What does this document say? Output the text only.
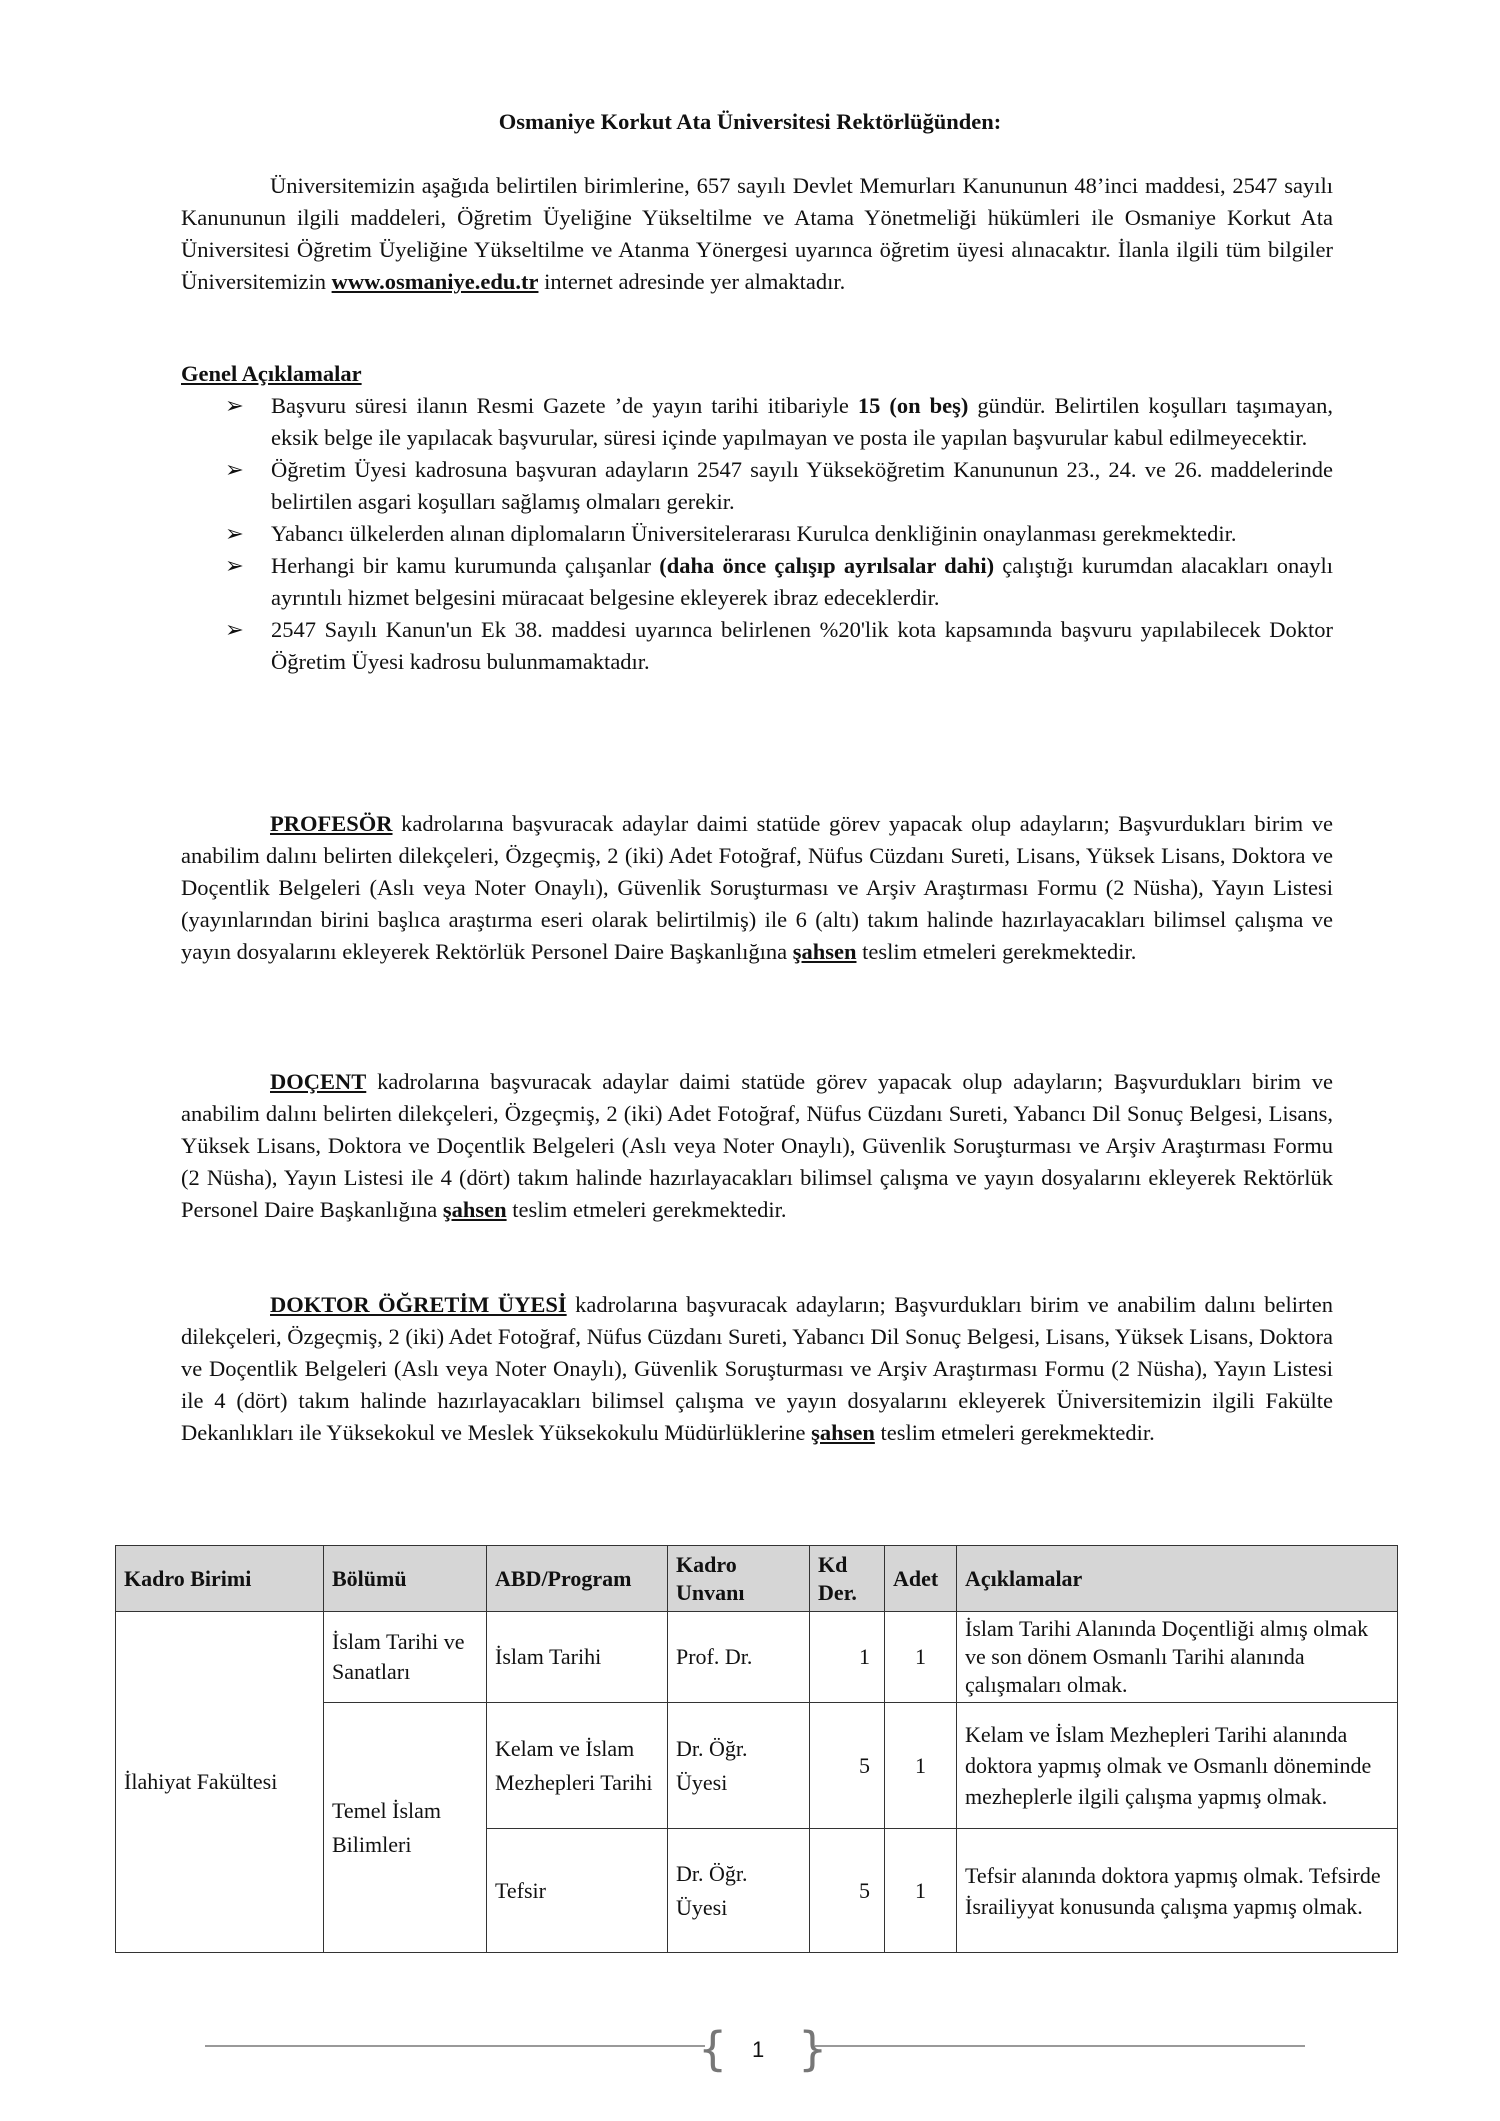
Osmaniye Korkut Ata Üniversitesi Rektörlüğünden:

Üniversitemizin aşağıda belirtilen birimlerine, 657 sayılı Devlet Memurları Kanununun 48’inci maddesi, 2547 sayılı Kanununun ilgili maddeleri, Öğretim Üyeliğine Yükseltilme ve Atama Yönetmeliği hükümleri ile Osmaniye Korkut Ata Üniversitesi Öğretim Üyeliğine Yükseltilme ve Atanma Yönergesi uyarınca öğretim üyesi alınacaktır. İlanla ilgili tüm bilgiler Üniversitemizin www.osmaniye.edu.tr internet adresinde yer almaktadır.

Genel Açıklamalar
➢ Başvuru süresi ilanın Resmi Gazete ’de yayın tarihi itibariyle 15 (on beş) gündür. Belirtilen koşulları taşımayan, eksik belge ile yapılacak başvurular, süresi içinde yapılmayan ve posta ile yapılan başvurular kabul edilmeyecektir.
➢ Öğretim Üyesi kadrosuna başvuran adayların 2547 sayılı Yükseköğretim Kanununun 23., 24. ve 26. maddelerinde belirtilen asgari koşulları sağlamış olmaları gerekir.
➢ Yabancı ülkelerden alınan diplomaların Üniversitelerarası Kurulca denkliğinin onaylanması gerekmektedir.
➢ Herhangi bir kamu kurumunda çalışanlar (daha önce çalışıp ayrılsalar dahi) çalıştığı kurumdan alacakları onaylı ayrıntılı hizmet belgesini müracaat belgesine ekleyerek ibraz edeceklerdir.
➢ 2547 Sayılı Kanun'un Ek 38. maddesi uyarınca belirlenen %20'lik kota kapsamında başvuru yapılabilecek Doktor Öğretim Üyesi kadrosu bulunmamaktadır.

PROFESÖR kadrolarına başvuracak adaylar daimi statüde görev yapacak olup adayların; Başvurdukları birim ve anabilim dalını belirten dilekçeleri, Özgeçmiş, 2 (iki) Adet Fotoğraf, Nüfus Cüzdanı Sureti, Lisans, Yüksek Lisans, Doktora ve Doçentlik Belgeleri (Aslı veya Noter Onaylı), Güvenlik Soruşturması ve Arşiv Araştırması Formu (2 Nüsha), Yayın Listesi (yayınlarından birini başlıca araştırma eseri olarak belirtilmiş) ile 6 (altı) takım halinde hazırlayacakları bilimsel çalışma ve yayın dosyalarını ekleyerek Rektörlük Personel Daire Başkanlığına şahsen teslim etmeleri gerekmektedir.

DOÇENT kadrolarına başvuracak adaylar daimi statüde görev yapacak olup adayların; Başvurdukları birim ve anabilim dalını belirten dilekçeleri, Özgeçmiş, 2 (iki) Adet Fotoğraf, Nüfus Cüzdanı Sureti, Yabancı Dil Sonuç Belgesi, Lisans, Yüksek Lisans, Doktora ve Doçentlik Belgeleri (Aslı veya Noter Onaylı), Güvenlik Soruşturması ve Arşiv Araştırması Formu (2 Nüsha), Yayın Listesi ile 4 (dört) takım halinde hazırlayacakları bilimsel çalışma ve yayın dosyalarını ekleyerek Rektörlük Personel Daire Başkanlığına şahsen teslim etmeleri gerekmektedir.

DOKTOR ÖĞRETİM ÜYESİ kadrolarına başvuracak adayların; Başvurdukları birim ve anabilim dalını belirten dilekçeleri, Özgeçmiş, 2 (iki) Adet Fotoğraf, Nüfus Cüzdanı Sureti, Yabancı Dil Sonuç Belgesi, Lisans, Yüksek Lisans, Doktora ve Doçentlik Belgeleri (Aslı veya Noter Onaylı), Güvenlik Soruşturması ve Arşiv Araştırması Formu (2 Nüsha), Yayın Listesi ile 4 (dört) takım halinde hazırlayacakları bilimsel çalışma ve yayın dosyalarını ekleyerek Üniversitemizin ilgili Fakülte Dekanlıkları ile Yüksekokul ve Meslek Yüksekokulu Müdürlüklerine şahsen teslim etmeleri gerekmektedir.

Kadro Birimi	Bölümü	ABD/Program	Kadro Unvanı	Kd Der.	Adet	Açıklamalar
İlahiyat Fakültesi	İslam Tarihi ve Sanatları	İslam Tarihi	Prof. Dr.	1	1	İslam Tarihi Alanında Doçentliği almış olmak ve son dönem Osmanlı Tarihi alanında çalışmaları olmak.
	Temel İslam Bilimleri	Kelam ve İslam Mezhepleri Tarihi	Dr. Öğr. Üyesi	5	1	Kelam ve İslam Mezhepleri Tarihi alanında doktora yapmış olmak ve Osmanlı döneminde mezheplerle ilgili çalışma yapmış olmak.
		Tefsir	Dr. Öğr. Üyesi	5	1	Tefsir alanında doktora yapmış olmak. Tefsirde İsrailiyyat konusunda çalışma yapmış olmak.
{ }
1
